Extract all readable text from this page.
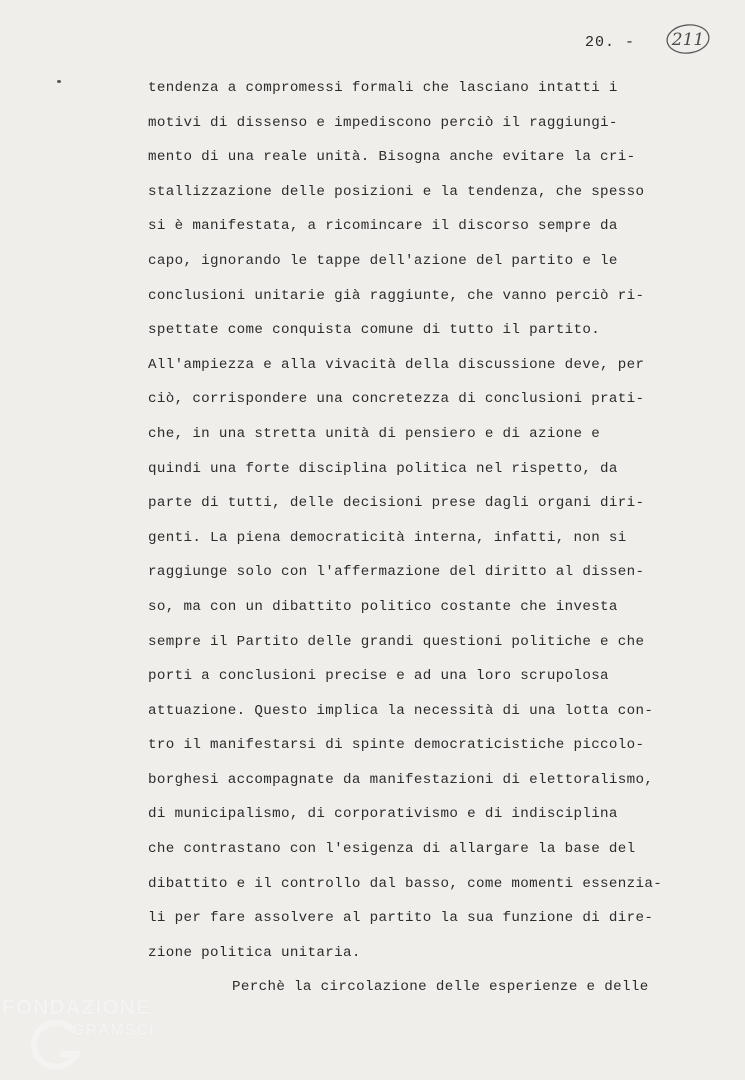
20. - 211
tendenza a compromessi formali che lasciano intatti i
motivi di dissenso e impediscono perciò il raggiungi-
mento di una reale unità. Bisogna anche evitare la cri-
stallizzazione delle posizioni e la tendenza, che spesso
si è manifestata, a ricomincare il discorso sempre da
capo, ignorando le tappe dell'azione del partito e le
conclusioni unitarie già raggiunte, che vanno perciò ri-
spettate come conquista comune di tutto il partito.
All'ampiezza e alla vivacità della discussione deve, per
ciò, corrispondere una concretezza di conclusioni prati-
che, in una stretta unità di pensiero e di azione e
quindi una forte disciplina politica nel rispetto, da
parte di tutti, delle decisioni prese dagli organi diri-
genti. La piena democraticità interna, infatti, non si
raggiunge solo con l'affermazione del diritto al dissen-
so, ma con un dibattito politico costante che investa
sempre il Partito delle grandi questioni politiche e che
porti a conclusioni precise e ad una loro scrupolosa
attuazione. Questo implica la necessità di una lotta con-
tro il manifestarsi di spinte democraticistiche piccolo-
borghesi accompagnate da manifestazioni di elettoralismo,
di municipalismo, di corporativismo e di indisciplina
che contrastano con l'esigenza di allargare la base del
dibattito e il controllo dal basso, come momenti essenzia-
li per fare assolvere al partito la sua funzione di dire-
zione politica unitaria.
Perchè la circolazione delle esperienze e delle
FONDAZIONE
GRAMSCI
